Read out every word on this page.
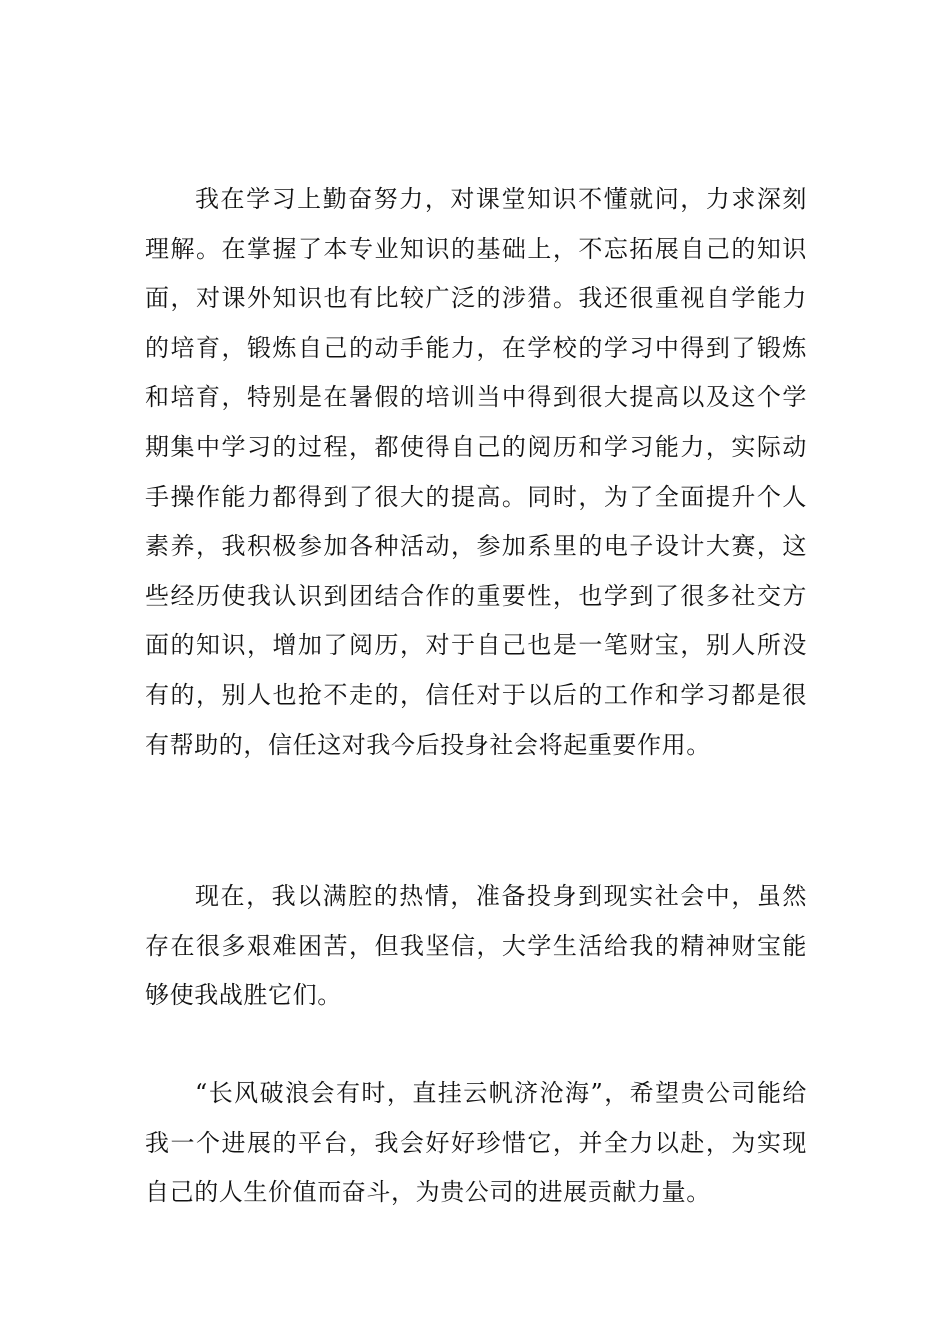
我在学习上勤奋努力，对课堂知识不懂就问，力求深刻理解。在掌握了本专业知识的基础上，不忘拓展自己的知识面，对课外知识也有比较广泛的涉猎。我还很重视自学能力的培育，锻炼自己的动手能力，在学校的学习中得到了锻炼和培育，特别是在暑假的培训当中得到很大提高以及这个学期集中学习的过程，都使得自己的阅历和学习能力，实际动手操作能力都得到了很大的提高。同时，为了全面提升个人素养，我积极参加各种活动，参加系里的电子设计大赛，这些经历使我认识到团结合作的重要性，也学到了很多社交方面的知识，增加了阅历，对于自己也是一笔财宝，别人所没有的，别人也抢不走的，信任对于以后的工作和学习都是很有帮助的，信任这对我今后投身社会将起重要作用。

现在，我以满腔的热情，准备投身到现实社会中，虽然存在很多艰难困苦，但我坚信，大学生活给我的精神财宝能够使我战胜它们。

“长风破浪会有时，直挂云帆济沧海”，希望贵公司能给我一个进展的平台，我会好好珍惜它，并全力以赴，为实现自己的人生价值而奋斗，为贵公司的进展贡献力量。
